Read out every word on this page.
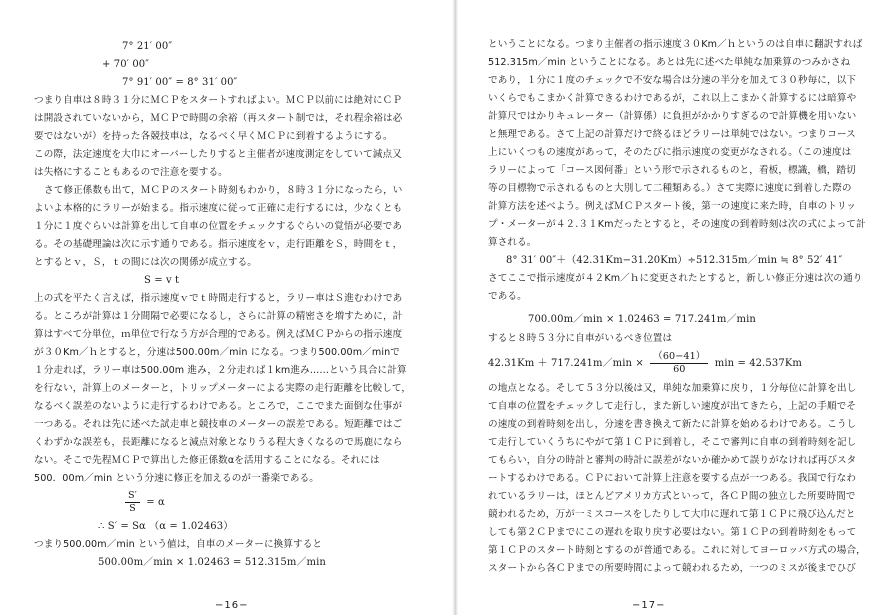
7° 21′ 00″
+ 70′ 00″
7° 91′ 00″ = 8° 31′ 00″
つまり自車は８時３１分にＭＣＰをスタートすればよい。ＭＣＰ以前には絶対にＣＰ
は開設されていないから，ＭＣＰで時間の余裕（再スタート制では，それ程余裕は必
要ではないが）を持った各競技車は，なるべく早くＭＣＰに到着するようにする。
この際，法定速度を大巾にオーバーしたりすると主催者が速度測定をしていて減点又
は失格にすることもあるので注意を要する。
さて修正係数も出て，ＭＣＰのスタート時刻もわかり，８時３１分になったら，い
よいよ本格的にラリーが始まる。指示速度に従って正確に走行するには，少なくとも
１分に１度ぐらいは計算を出して自車の位置をチェックするぐらいの覚悟が必要であ
る。その基礎理論は次に示す通りである。指示速度をｖ，走行距離をＳ，時間をｔ，
とするとｖ，Ｓ，ｔの間には次の関係が成立する。
S = v t
上の式を平たく言えば，指示速度ｖでｔ時間走行すると，ラリー車はＳ進むわけであ
る。ところが計算は１分間隔で必要になるし，さらに計算の精密さを増すために，計
算はすべて分単位，ｍ単位で行なう方が合理的である。例えばＭＣＰからの指示速度
が３０Km／ｈとすると，分速は500.00m／min になる。つまり500.00m／minで
１分走れば，ラリー車は500.00m 進み，２分走れば１km進み……という具合に計算
を行ない，計算上のメーターと，トリップメーターによる実際の走行距離を比較して，
なるべく誤差のないように走行するわけである。ところで，ここでまた面倒な仕事が
一つある。それは先に述べた試走車と競技車のメーターの誤差である。短距離ではご
くわずかな誤差も，長距離になると減点対象となりうる程大きくなるので馬鹿になら
ない。そこで先程ＭＣＰで算出した修正係数αを活用することになる。それには
500．00m／min という分速に修正を加えるのが一番楽である。
$\frac{S'}{S} = \alpha$
∴ S′ = Sα （α = 1.02463）
つまり500.00m／min という値は，自車のメーターに換算すると
500.00m／min × 1.02463 = 512.315m／min
−16−
ということになる。つまり主催者の指示速度３０Km／ｈというのは自車に翻訳すれば
512.315m／min ということになる。あとは先に述べた単純な加乗算のつみかさね
であり，１分に１度のチェックで不安な場合は分速の半分を加えて３０秒毎に，以下
いくらでもこまかく計算できるわけであるが，これ以上こまかく計算するには暗算や
計算尺ではかりキュレーター（計算係）に負担がかかりすぎるので計算機を用いない
と無理である。さて上記の計算だけで終るほどラリーは単純ではない。つまりコース
上にいくつもの速度があって，そのたびに指示速度の変更がなされる。（この速度は
ラリーによって「コース図何番」という形で示されるものと，看板，標識，橋，踏切
等の目標物で示されるものと大別して二種類ある。）さて実際に速度に到着した際の
計算方法を述べよう。例えばＭＣＰスタート後，第一の速度に来た時，自車のトリッ
プ・メーターが４２.３１Kmだったとすると，その速度の到着時刻は次の式によって計
算される。
8° 31′ 00″＋（42.31Km−31.20Km）÷512.315m／min ≒ 8° 52′ 41″
さてここで指示速度が４２Km／ｈに変更されたとすると，新しい修正分速は次の通り
である。
700.00m／min × 1.02463 = 717.241m／min
すると８時５３分に自車がいるべき位置は
42.31Km ＋ 717.241m／min × $\frac{(60-41)}{60}$ min = 42.537Km
の地点となる。そして５３分以後は又，単純な加乗算に戻り，１分毎位に計算を出し
て自車の位置をチェックして走行し，また新しい速度が出てきたら，上記の手順でそ
の速度の到着時刻を出し，分速を書き換えて新たに計算を始めるわけである。こうし
て走行していくうちにやがて第１ＣＰに到着し，そこで審判に自車の到着時刻を記し
てもらい，自分の時計と審判の時計に誤差がないか確かめて誤りがなければ再びスタ
ートするわけである。ＣＰにおいて計算上注意を要する点が一つある。我国で行なわ
れているラリーは，ほとんどアメリカ方式といって，各ＣＰ間の独立した所要時間で
競われるため，万が一ミスコースをしたりして大巾に遅れて第１ＣＰに飛び込んだと
しても第２ＣＰまでにこの遅れを取り戻す必要はない。第１ＣＰの到着時刻をもって
第１ＣＰのスタート時刻とするのが普通である。これに対してヨーロッパ方式の場合，
スタートから各ＣＰまでの所要時間によって競われるため，一つのミスが後までひび
−17−
